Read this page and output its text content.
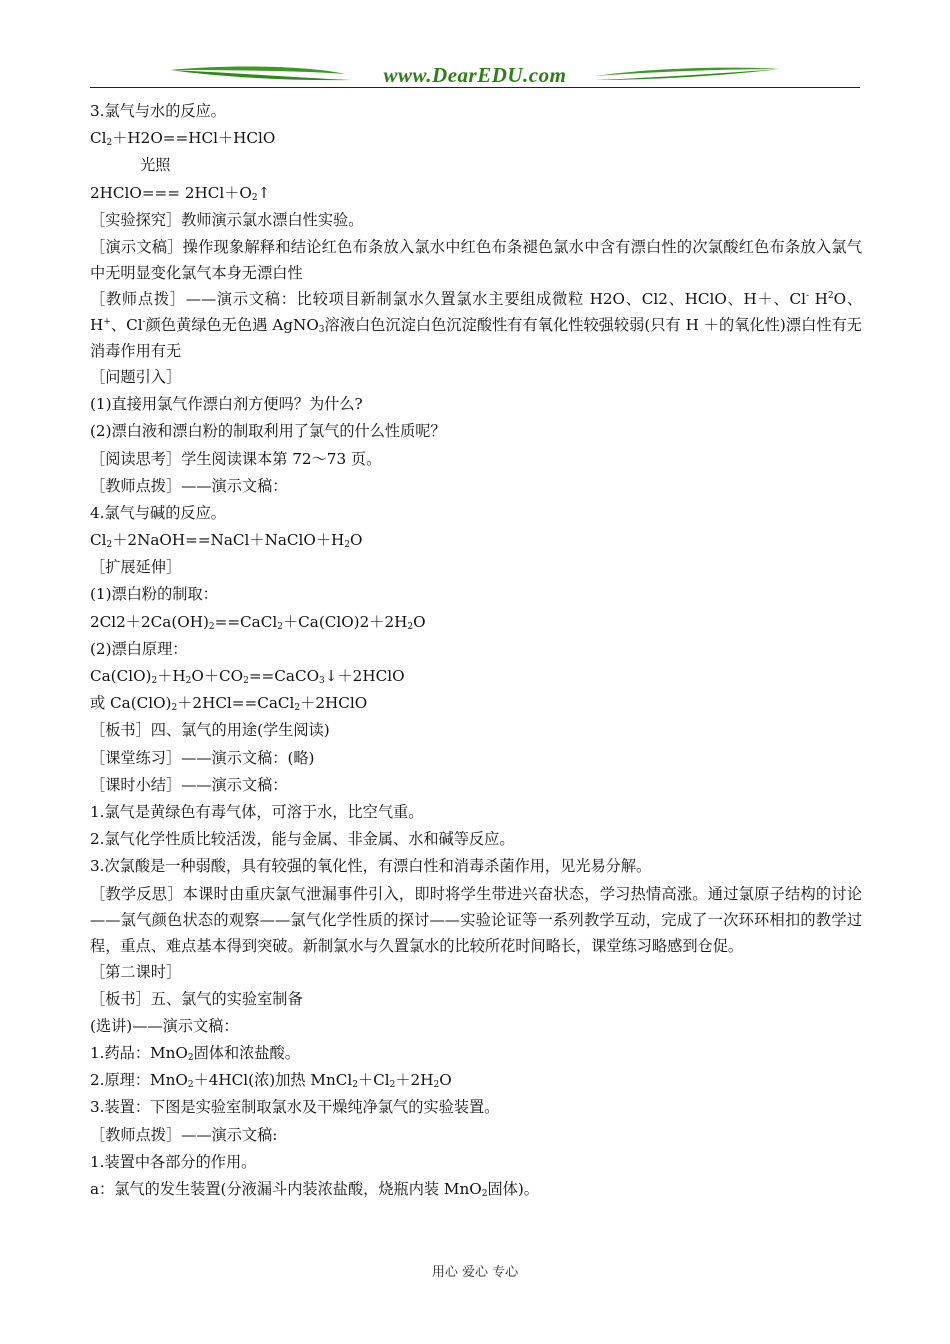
www.DearEDU.com
3.氯气与水的反应。
$Cl_2+H2O==HCl+HClO$
光照
2HClO=== $2HCl+O_2↑$
［实验探究］教师演示氯水漂白性实验。
［演示文稿］操作现象解释和结论红色布条放入氯水中红色布条褪色氯水中含有漂白性的次氯酸红色布条放入氯气中无明显变化氯气本身无漂白性
［教师点拨］——演示文稿：比较项目新制氯水久置氯水主要组成微粒 H2O、Cl2、HClO、H＋、Cl- $H^2O$、H+、Cl-颜色黄绿色无色遇 AgNO$_3$溶液白色沉淀白色沉淀酸性有有氧化性较强较弱(只有 H ＋的氧化性)漂白性有无消毒作用有无
［问题引入］
(1)直接用氯气作漂白剂方便吗？为什么?
(2)漂白液和漂白粉的制取利用了氯气的什么性质呢？
［阅读思考］学生阅读课本第 72～73 页。
［教师点拨］——演示文稿：
4.氯气与碱的反应。
$Cl_2+2NaOH==NaCl+NaClO+H_2O$
［扩展延伸］
(1)漂白粉的制取：
$2Cl2+2Ca(OH)_2==CaCl_2+Ca(ClO)2+2H_2O$
(2)漂白原理：
$Ca(ClO)_2+H_2O+CO_2==CaCO_3↓+2HClO$
或 $Ca(ClO)_2+2HCl==CaCl_2+2HClO$
［板书］四、氯气的用途(学生阅读)
［课堂练习］——演示文稿：(略)
［课时小结］——演示文稿：
1.氯气是黄绿色有毒气体，可溶于水，比空气重。
2.氯气化学性质比较活泼，能与金属、非金属、水和碱等反应。
3.次氯酸是一种弱酸，具有较强的氧化性，有漂白性和消毒杀菌作用，见光易分解。
［教学反思］本课时由重庆氯气泄漏事件引入，即时将学生带进兴奋状态，学习热情高涨。通过氯原子结构的讨论——氯气颜色状态的观察——氯气化学性质的探讨——实验论证等一系列教学互动，完成了一次环环相扣的教学过程，重点、难点基本得到突破。新制氯水与久置氯水的比较所花时间略长，课堂练习略感到仓促。
［第二课时］
［板书］五、氯气的实验室制备
(选讲)——演示文稿：
1.药品：MnO$_2$固体和浓盐酸。
2.原理：MnO$_2$＋4HCl(浓)加热 $MnCl_2+Cl_2+2H_2O$
3.装置：下图是实验室制取氯水及干燥纯净氯气的实验装置。
［教师点拨］——演示文稿:
1.装置中各部分的作用。
a：氯气的发生装置(分液漏斗内装浓盐酸，烧瓶内装 MnO$_2$固体)。
用心 爱心 专心
